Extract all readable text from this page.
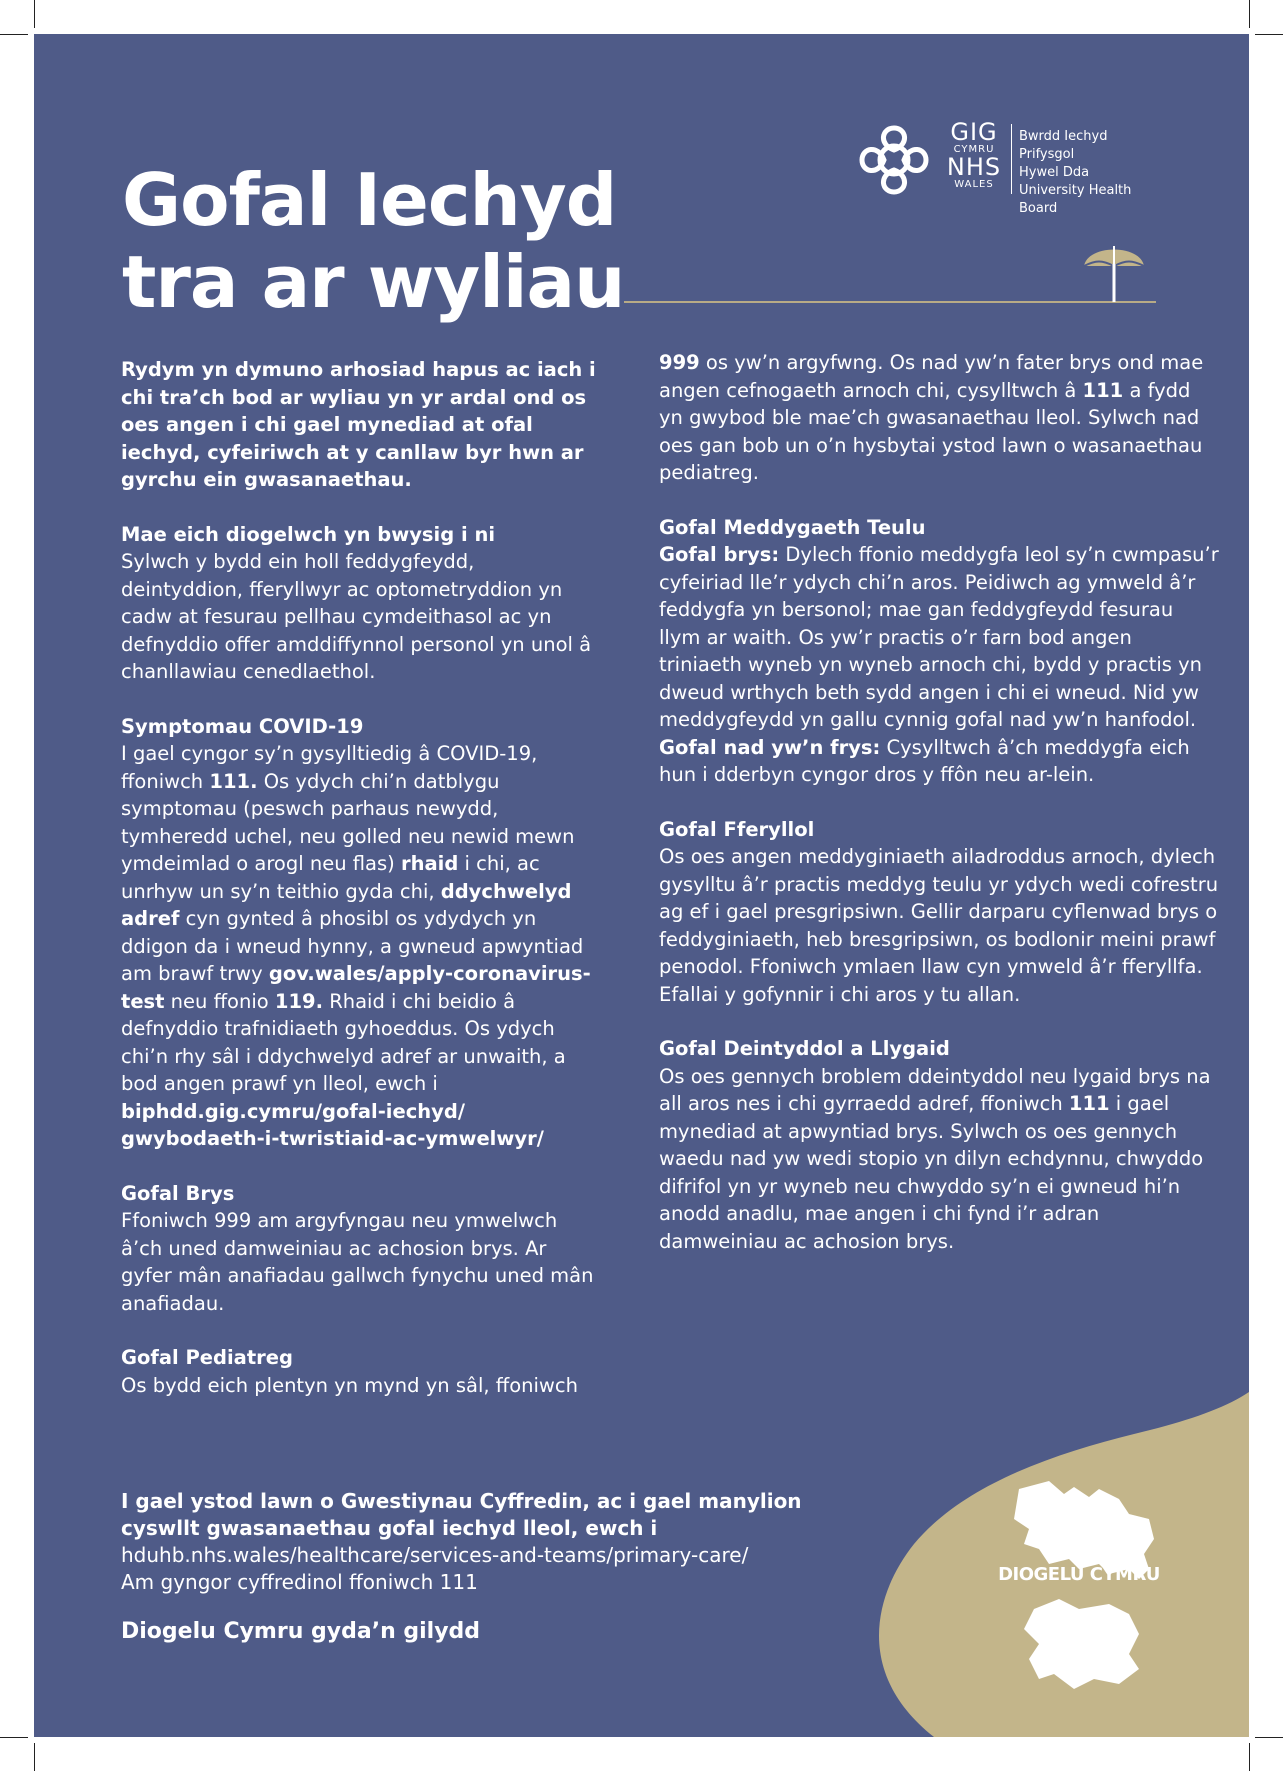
Gofal Iechyd
tra ar wyliau
GIG
CYMRU
NHS
WALES
Bwrdd Iechyd Prifysgol
Hywel Dda
University Health Board

Rydym yn dymuno arhosiad hapus ac iach i chi tra’ch bod ar wyliau yn yr ardal ond os oes angen i chi gael mynediad at ofal iechyd, cyfeiriwch at y canllaw byr hwn ar gyrchu ein gwasanaethau.

Mae eich diogelwch yn bwysig i ni
Sylwch y bydd ein holl feddygfeydd, deintyddion, fferyllwyr ac optometryddion yn cadw at fesurau pellhau cymdeithasol ac yn defnyddio offer amddiffynnol personol yn unol â chanllawiau cenedlaethol.

Symptomau COVID-19
I gael cyngor sy’n gysylltiedig â COVID-19, ffoniwch 111. Os ydych chi’n datblygu symptomau (peswch parhaus newydd, tymheredd uchel, neu golled neu newid mewn ymdeimlad o arogl neu flas) rhaid i chi, ac unrhyw un sy’n teithio gyda chi, ddychwelyd adref cyn gynted â phosibl os ydydych yn ddigon da i wneud hynny, a gwneud apwyntiad am brawf trwy gov.wales/apply-coronavirus-test neu ffonio 119. Rhaid i chi beidio â defnyddio trafnidiaeth gyhoeddus. Os ydych chi’n rhy sâl i ddychwelyd adref ar unwaith, a bod angen prawf yn lleol, ewch i biphdd.gig.cymru/gofal-iechyd/ gwybodaeth-i-twristiaid-ac-ymwelwyr/

Gofal Brys
Ffoniwch 999 am argyfyngau neu ymwelwch â’ch uned damweiniau ac achosion brys. Ar gyfer mân anafiadau gallwch fynychu uned mân anafiadau.

Gofal Pediatreg
Os bydd eich plentyn yn mynd yn sâl, ffoniwch

999 os yw’n argyfwng. Os nad yw’n fater brys ond mae angen cefnogaeth arnoch chi, cysylltwch â 111 a fydd yn gwybod ble mae’ch gwasanaethau lleol. Sylwch nad oes gan bob un o’n hysbytai ystod lawn o wasanaethau pediatreg.

Gofal Meddygaeth Teulu
Gofal brys: Dylech ffonio meddygfa leol sy’n cwmpasu’r cyfeiriad lle’r ydych chi’n aros. Peidiwch ag ymweld â’r feddygfa yn bersonol; mae gan feddygfeydd fesurau llym ar waith. Os yw’r practis o’r farn bod angen triniaeth wyneb yn wyneb arnoch chi, bydd y practis yn dweud wrthych beth sydd angen i chi ei wneud. Nid yw meddygfeydd yn gallu cynnig gofal nad yw’n hanfodol. Gofal nad yw’n frys: Cysylltwch â’ch meddygfa eich hun i dderbyn cyngor dros y ffôn neu ar-lein.

Gofal Fferyllol
Os oes angen meddyginiaeth ailadroddus arnoch, dylech gysylltu â’r practis meddyg teulu yr ydych wedi cofrestru ag ef i gael presgripsiwn. Gellir darparu cyflenwad brys o feddyginiaeth, heb bresgripsiwn, os bodlonir meini prawf penodol. Ffoniwch ymlaen llaw cyn ymweld â’r fferyllfa. Efallai y gofynnir i chi aros y tu allan.

Gofal Deintyddol a Llygaid
Os oes gennych broblem ddeintyddol neu lygaid brys na all aros nes i chi gyrraedd adref, ffoniwch 111 i gael mynediad at apwyntiad brys. Sylwch os oes gennych waedu nad yw wedi stopio yn dilyn echdynnu, chwyddo difrifol yn yr wyneb neu chwyddo sy’n ei gwneud hi’n anodd anadlu, mae angen i chi fynd i’r adran damweiniau ac achosion brys.

I gael ystod lawn o Gwestiynau Cyffredin, ac i gael manylion cyswllt gwasanaethau gofal iechyd lleol, ewch i

hduhb.nhs.wales/healthcare/services-and-teams/primary-care/

Am gyngor cyffredinol ffoniwch 111

Diogelu Cymru gyda’n gilydd

DIOGELU CYMRU
